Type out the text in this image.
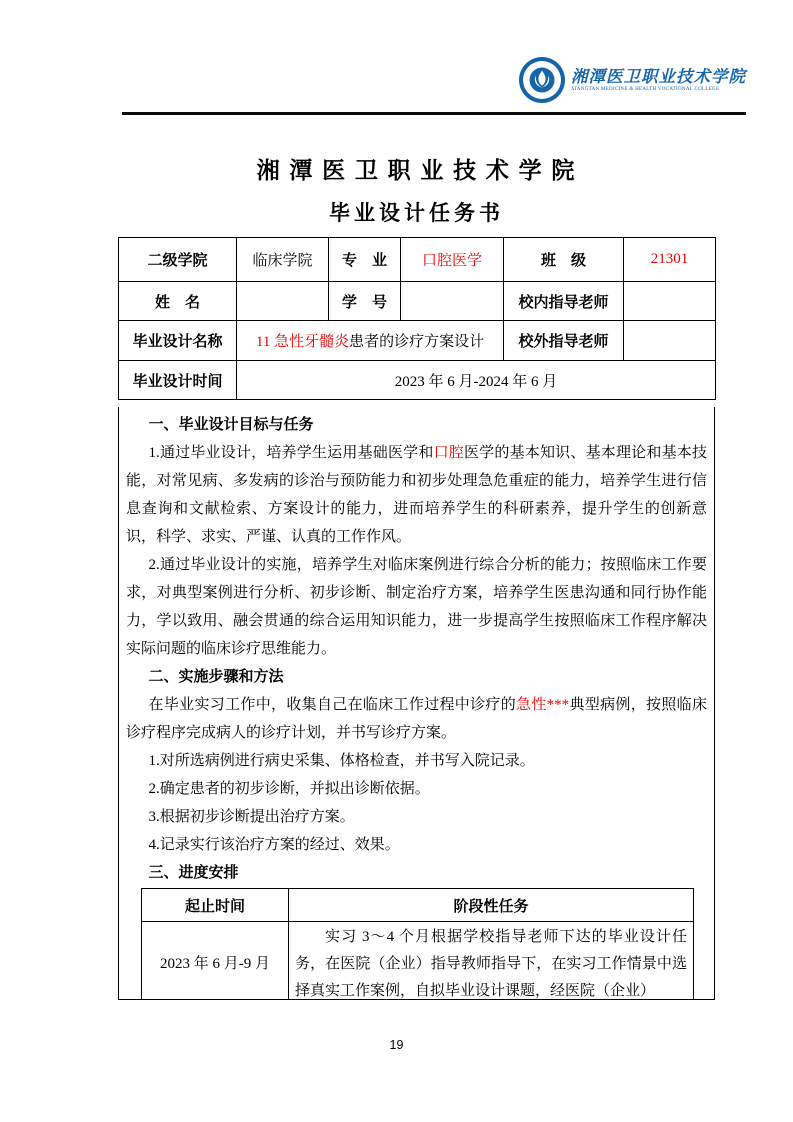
湘潭医卫职业技术学院
XIANGTAN MEDICINE & HEALTH VOCATIONAL COLLEGE
湘 潭 医 卫 职 业 技 术 学 院
毕业设计任务书
二级学院	临床学院	专　业	口腔医学	班　级	21301
姓　名		学　号		校内指导老师	
毕业设计名称	11 急性牙髓炎患者的诊疗方案设计			校外指导老师	
毕业设计时间	2023 年 6 月-2024 年 6 月				

一、毕业设计目标与任务

1.通过毕业设计，培养学生运用基础医学和口腔医学的基本知识、基本理论和基本技能，对常见病、多发病的诊治与预防能力和初步处理急危重症的能力，培养学生进行信息查询和文献检索、方案设计的能力，进而培养学生的科研素养，提升学生的创新意识，科学、求实、严谨、认真的工作作风。

2.通过毕业设计的实施，培养学生对临床案例进行综合分析的能力；按照临床工作要求，对典型案例进行分析、初步诊断、制定治疗方案，培养学生医患沟通和同行协作能力，学以致用、融会贯通的综合运用知识能力，进一步提高学生按照临床工作程序解决实际问题的临床诊疗思维能力。

二、实施步骤和方法

在毕业实习工作中，收集自己在临床工作过程中诊疗的急性***典型病例，按照临床诊疗程序完成病人的诊疗计划，并书写诊疗方案。

1.对所选病例进行病史采集、体格检查，并书写入院记录。

2.确定患者的初步诊断，并拟出诊断依据。

3.根据初步诊断提出治疗方案。

4.记录实行该治疗方案的经过、效果。

三、进度安排

起止时间	阶段性任务
2023 年 6 月-9 月	实习 3～4 个月根据学校指导老师下达的毕业设计任务，在医院（企业）指导教师指导下，在实习工作情景中选择真实工作案例，自拟毕业设计课题，经医院（企业）

19
